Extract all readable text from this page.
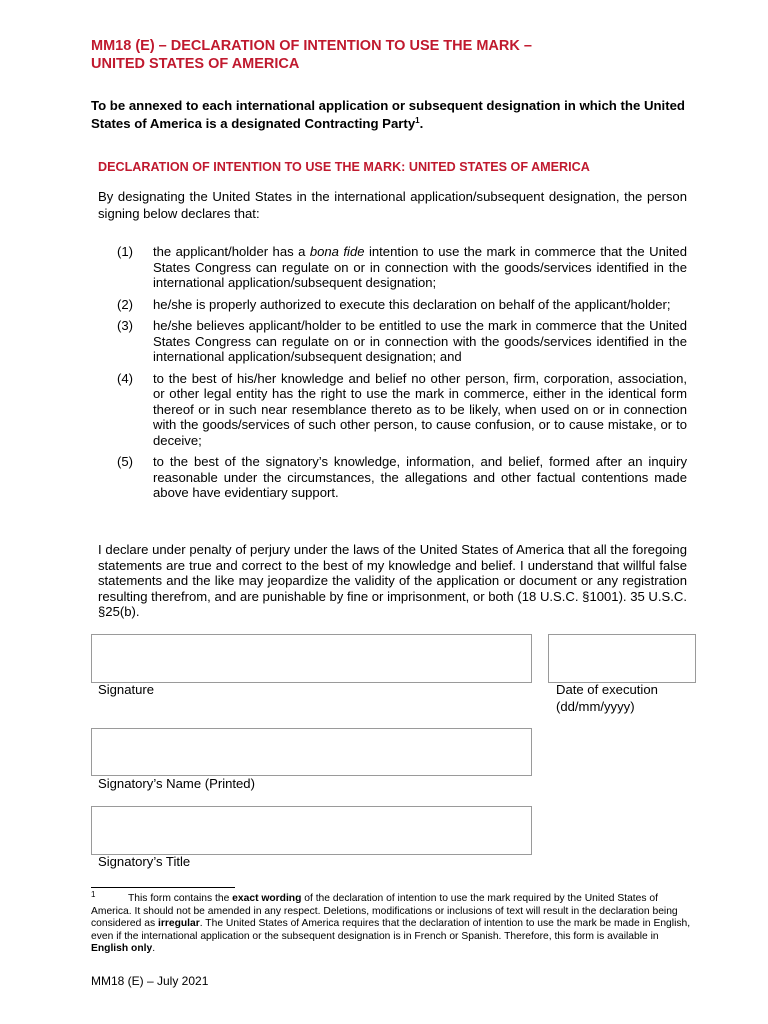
MM18 (E) – DECLARATION OF INTENTION TO USE THE MARK –
UNITED STATES OF AMERICA
To be annexed to each international application or subsequent designation in which the United States of America is a designated Contracting Party$^1$.
DECLARATION OF INTENTION TO USE THE MARK: UNITED STATES OF AMERICA
By designating the United States in the international application/subsequent designation, the person signing below declares that:
(1) the applicant/holder has a bona fide intention to use the mark in commerce that the United States Congress can regulate on or in connection with the goods/services identified in the international application/subsequent designation;
(2) he/she is properly authorized to execute this declaration on behalf of the applicant/holder;
(3) he/she believes applicant/holder to be entitled to use the mark in commerce that the United States Congress can regulate on or in connection with the goods/services identified in the international application/subsequent designation; and
(4) to the best of his/her knowledge and belief no other person, firm, corporation, association, or other legal entity has the right to use the mark in commerce, either in the identical form thereof or in such near resemblance thereto as to be likely, when used on or in connection with the goods/services of such other person, to cause confusion, or to cause mistake, or to deceive;
(5) to the best of the signatory’s knowledge, information, and belief, formed after an inquiry reasonable under the circumstances, the allegations and other factual contentions made above have evidentiary support.
I declare under penalty of perjury under the laws of the United States of America that all the foregoing statements are true and correct to the best of my knowledge and belief. I understand that willful false statements and the like may jeopardize the validity of the application or document or any registration resulting therefrom, and are punishable by fine or imprisonment, or both (18 U.S.C. §1001). 35 U.S.C. §25(b).
Signature	Date of execution
(dd/mm/yyyy)
Signatory’s Name (Printed)
Signatory’s Title
1	This form contains the exact wording of the declaration of intention to use the mark required by the United States of America. It should not be amended in any respect. Deletions, modifications or inclusions of text will result in the declaration being considered as irregular. The United States of America requires that the declaration of intention to use the mark be made in English, even if the international application or the subsequent designation is in French or Spanish. Therefore, this form is available in English only.
MM18 (E) – July 2021
